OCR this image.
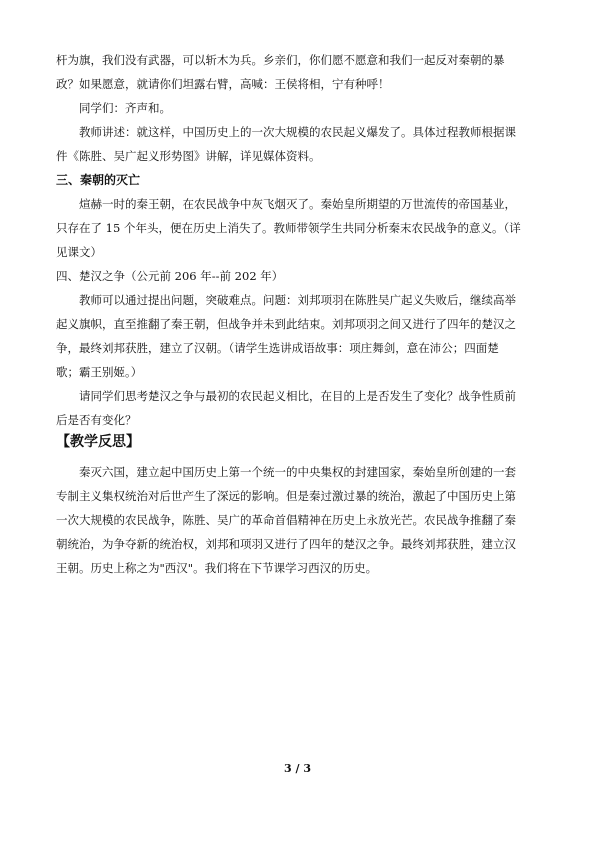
杆为旗，我们没有武器，可以斩木为兵。乡亲们，你们愿不愿意和我们一起反对秦朝的暴
政？如果愿意，就请你们坦露右臂，高喊：王侯将相，宁有种呼！
同学们：齐声和。
教师讲述：就这样，中国历史上的一次大规模的农民起义爆发了。具体过程教师根据课
件《陈胜、吴广起义形势图》讲解，详见媒体资料。
三、秦朝的灭亡
煊赫一时的秦王朝，在农民战争中灰飞烟灭了。秦始皇所期望的万世流传的帝国基业，
只存在了 15 个年头，便在历史上消失了。教师带领学生共同分析秦末农民战争的意义。（详
见课文）
四、楚汉之争（公元前 206 年--前 202 年）
教师可以通过提出问题，突破难点。问题：刘邦项羽在陈胜吴广起义失败后，继续高举
起义旗帜，直至推翻了秦王朝，但战争并未到此结束。刘邦项羽之间又进行了四年的楚汉之
争，最终刘邦获胜，建立了汉朝。（请学生选讲成语故事：项庄舞剑，意在沛公；四面楚
歌；霸王别姬。）
请同学们思考楚汉之争与最初的农民起义相比，在目的上是否发生了变化？战争性质前
后是否有变化？
【教学反思】
秦灭六国，建立起中国历史上第一个统一的中央集权的封建国家，秦始皇所创建的一套
专制主义集权统治对后世产生了深远的影响。但是秦过激过暴的统治，激起了中国历史上第
一次大规模的农民战争，陈胜、吴广的革命首倡精神在历史上永放光芒。农民战争推翻了秦
朝统治，为争夺新的统治权，刘邦和项羽又进行了四年的楚汉之争。最终刘邦获胜，建立汉
王朝。历史上称之为"西汉"。我们将在下节课学习西汉的历史。
3 / 3
